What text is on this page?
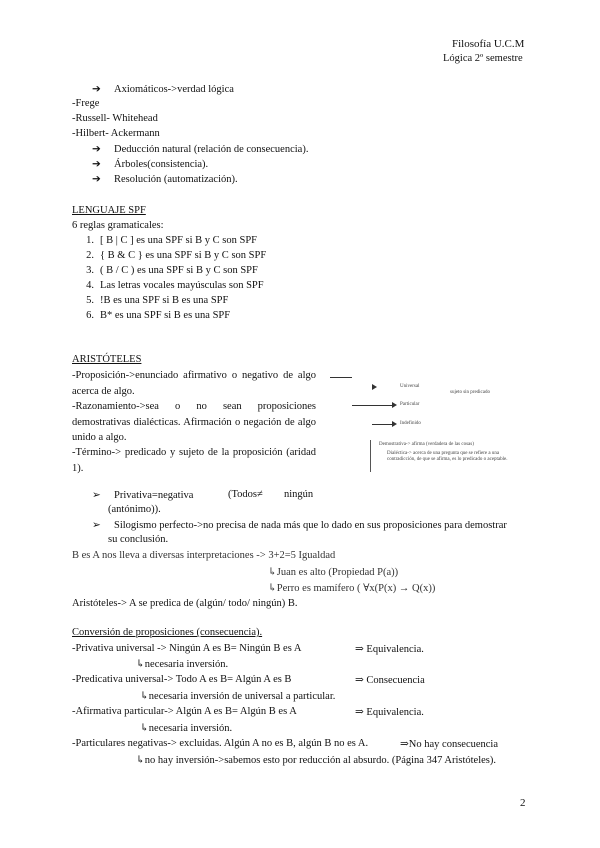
Filosofía U.C.M
Lógica 2º semestre
➔ Axiomáticos->verdad lógica
-Frege
-Russell- Whitehead
-Hilbert- Ackermann
➔ Deducción natural (relación de consecuencia).
➔ Árboles(consistencia).
➔ Resolución (automatización).
LENGUAJE SPF
6 reglas gramaticales:
1. [ B | C ] es una SPF si B y C son SPF
2. { B & C } es una SPF si B y C son SPF
3. ( B / C ) es una SPF si B y C son SPF
4. Las letras vocales mayúsculas son SPF
5. !B es una SPF si B es una SPF
6. B* es una SPF si B es una SPF
ARISTÓTELES
-Proposición->enunciado afirmativo o negativo de algo acerca de algo.
-Razonamiento->sea o no sean proposiciones demostrativas dialécticas. Afirmación o negación de algo unido a algo.
-Término-> predicado y sujeto de la proposición (aridad 1).
Universal
sujeto sin predicado
Particular
Indefinido
Demostrativa-> afirma (verdadera de las cosas)
Dialéctica-> acerca de una pregunta que se refiere a una contradicción, de que se afirma, es lo predicado o aceptable.
➢ Privativa=negativa	(Todos≠ ningún
(antónimo)).
➢ Silogismo perfecto->no precisa de nada más que lo dado en sus proposiciones para demostrar
su conclusión.
B es A nos lleva a diversas interpretaciones -> 3+2=5 Igualdad
↳Juan es alto (Propiedad P(a))
↳Perro es mamífero ( ∀x(P(x) → Q(x))
Aristóteles-> A se predica de (algún/ todo/ ningún) B.
Conversión de proposiciones (consecuencia).
-Privativa universal -> Ningún A es B= Ningún B es A	⇒ Equivalencia.
↳necesaria inversión.
-Predicativa universal-> Todo A es B= Algún A es B	⇒ Consecuencia
↳necesaria inversión de universal a particular.
-Afirmativa particular-> Algún A es B= Algún B es A	⇒ Equivalencia.
↳necesaria inversión.
-Particulares negativas-> excluidas. Algún A no es B, algún B no es A.	⇒No hay consecuencia
↳no hay inversión->sabemos esto por reducción al absurdo. (Página 347 Aristóteles).
2
